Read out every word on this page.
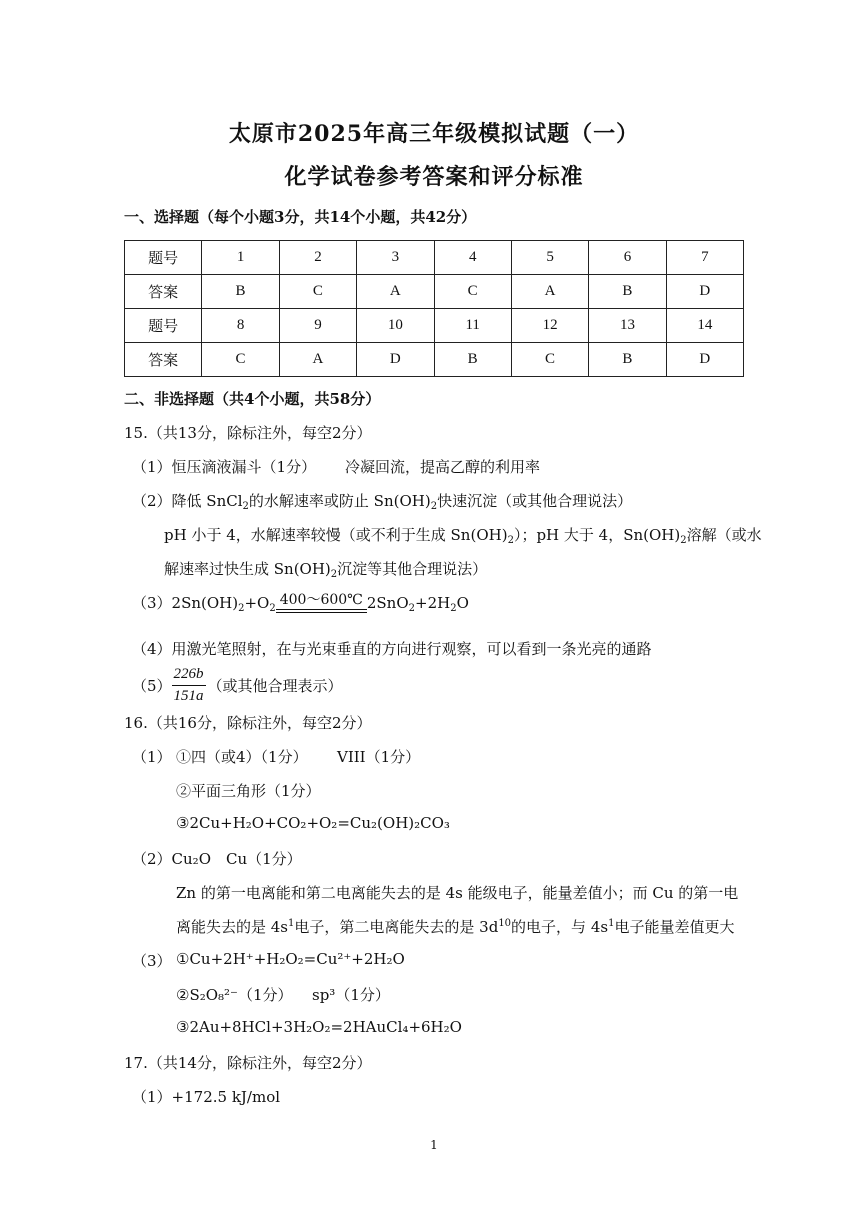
太原市2025年高三年级模拟试题（一）
化学试卷参考答案和评分标准
一、选择题（每个小题3分，共14个小题，共42分）
题号	1	2	3	4	5	6	7
答案	B	C	A	C	A	B	D
题号	8	9	10	11	12	13	14
答案	C	A	D	B	C	B	D
二、非选择题（共4个小题，共58分）
15.（共13分，除标注外，每空2分）
（1）恒压滴液漏斗（1分） 冷凝回流，提高乙醇的利用率
（2）降低 SnCl$_2$的水解速率或防止 $Sn(OH)_2$快速沉淀（或其他合理说法）
pH 小于 4，水解速率较慢（或不利于生成 $Sn(OH)_2$）；pH 大于 4，$Sn(OH)_2$溶解（或水
解速率过快生成 $Sn(OH)_2$沉淀等其他合理说法）
$(3)2Sn(OH)_2+O_2$
400～600℃ $2SnO_2+2H_2O$
（4）用激光笔照射，在与光束垂直的方向进行观察，可以看到一条光亮的通路
$(5) \frac{226b}{151a}$ （或其他合理表示）
16.（共16分，除标注外，每空2分）
（1） ①四（或4）（1分） VIII（1分）
②平面三角形（1分）
③2Cu+H₂O+CO₂+O₂=Cu₂(OH)₂CO₃
（2）Cu₂O Cu（1分）
Zn 的第一电离能和第二电离能失去的是 4s 能级电子，能量差值小；而 Cu 的第一电
离能失去的是 $4s^1$电子，第二电离能失去的是 $3d^{10}$的电子，与 $4s^1$电子能量差值更大
（3） ①Cu+2H⁺+H₂O₂=Cu²⁺+2H₂O
②S₂O₈²⁻（1分） sp³（1分）
③2Au+8HCl+3H₂O₂=2HAuCl₄+6H₂O
17.（共14分，除标注外，每空2分）
（1）+172.5 kJ/mol
1
